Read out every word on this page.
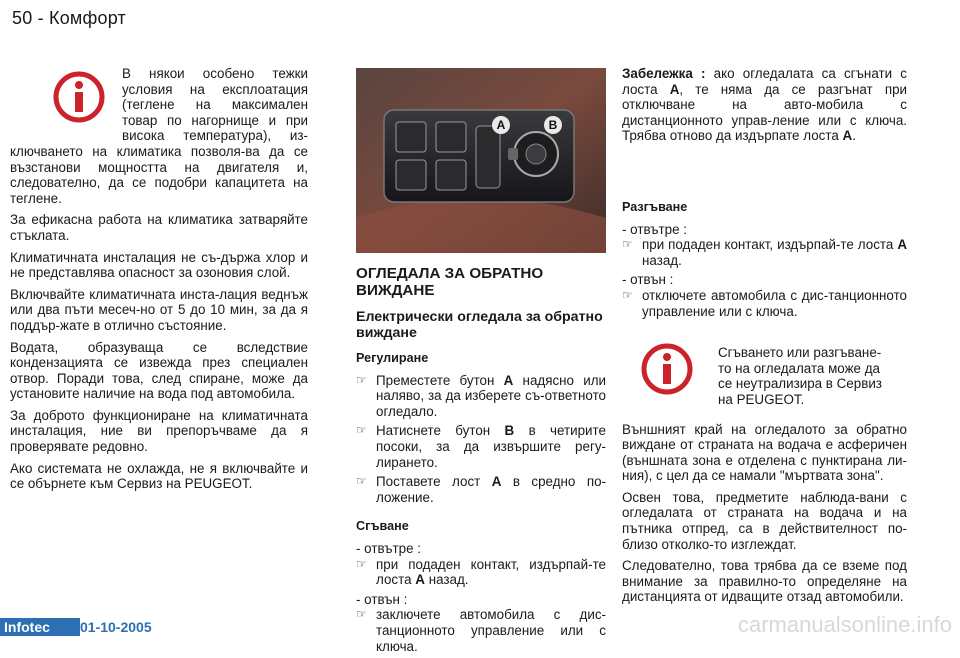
50 - Комфорт
В някои особено тежки
условия на експлоатация
(теглене на максимален
товар по нагорнище и при
висока температура), из-

ключването на климатика позволя-ва да се възстанови мощността на двигателя и, следователно, да се подобри капацитета на теглене.

За ефикасна работа на климатика затваряйте стъклата.

Климатичната инсталация не съ-държа хлор и не представлява опасност за озоновия слой.

Включвайте климатичната инста-лация веднъж или два пъти месеч-но от 5 до 10 мин, за да я поддър-жате в отлично състояние.

Водата, образуваща се вследствие кондензацията се извежда през специален отвор. Поради това, след спиране, може да установите наличие на вода под автомобила.

За доброто функциониране на климатичната инсталация, ние ви препоръчваме да я проверявате редовно.

Ако системата не охлажда, не я включвайте и се обърнете към Сервиз на PEUGEOT.

A	B
ОГЛЕДАЛА ЗА ОБРАТНО ВИЖДАНЕ
Електрически огледала за обратно виждане
Регулиране
☞ Преместете бутон A надясно или наляво, за да изберете съ-ответното огледало.
☞ Натиснете бутон B в четирите посоки, за да извършите регу-лирането.
☞ Поставете лост A в средно по-ложение.
Сгъване
- отвътре :
☞ при подаден контакт, издърпай-те лоста A назад.
- отвън :
☞ заключете автомобила с дис-танционното управление или с ключа.

Забележка : ако огледалата са сгънати с лоста A, те няма да се разгънат при отключване на авто-мобила с дистанционното управ-ление или с ключа. Трябва отново да издърпате лоста A.

Разгъване
- отвътре :
☞ при подаден контакт, издърпай-те лоста A назад.
- отвън :
☞ отключете автомобила с дис-танционното управление или с ключа.
Сгъването или разгъване-
то на огледалата може да
се неутрализира в Сервиз
на PEUGEOT.

Външният край на огледалото за обратно виждане от страната на водача е асферичен (външната зона е отделена с пунктирана ли-ния), с цел да се намали "мъртвата зона".

Освен това, предметите наблюда-вани с огледалата от страната на водача и на пътника отпред, са в действителност по-близо отколко-то изглеждат.

Следователно, това трябва да се вземе под внимание за правилно-то определяне на дистанцията от идващите отзад автомобили.

Infotec	01-10-2005	carmanualsonline.info
